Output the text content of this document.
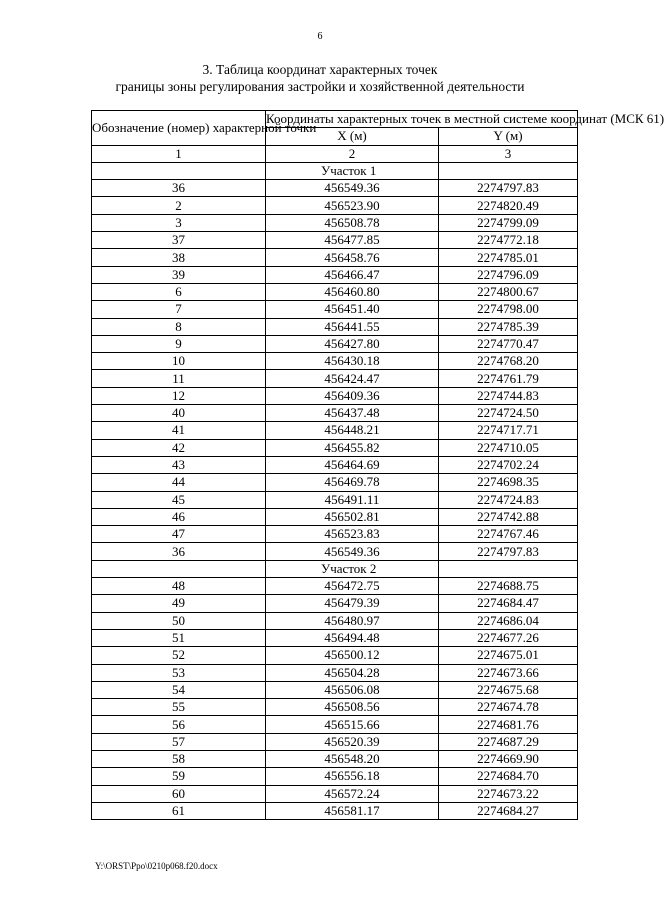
6
3. Таблица координат характерных точек
границы зоны регулирования застройки и хозяйственной деятельности
Обозначение (номер) характерной точки	Координаты характерных точек в местной системе координат (МСК 61)	
	X (м)	Y (м)
1	2	3
	Участок 1	
36	456549.36	2274797.83
2	456523.90	2274820.49
3	456508.78	2274799.09
37	456477.85	2274772.18
38	456458.76	2274785.01
39	456466.47	2274796.09
6	456460.80	2274800.67
7	456451.40	2274798.00
8	456441.55	2274785.39
9	456427.80	2274770.47
10	456430.18	2274768.20
11	456424.47	2274761.79
12	456409.36	2274744.83
40	456437.48	2274724.50
41	456448.21	2274717.71
42	456455.82	2274710.05
43	456464.69	2274702.24
44	456469.78	2274698.35
45	456491.11	2274724.83
46	456502.81	2274742.88
47	456523.83	2274767.46
36	456549.36	2274797.83
	Участок 2	
48	456472.75	2274688.75
49	456479.39	2274684.47
50	456480.97	2274686.04
51	456494.48	2274677.26
52	456500.12	2274675.01
53	456504.28	2274673.66
54	456506.08	2274675.68
55	456508.56	2274674.78
56	456515.66	2274681.76
57	456520.39	2274687.29
58	456548.20	2274669.90
59	456556.18	2274684.70
60	456572.24	2274673.22
61	456581.17	2274684.27
Y:\ORST\Ppo\0210p068.f20.docx
